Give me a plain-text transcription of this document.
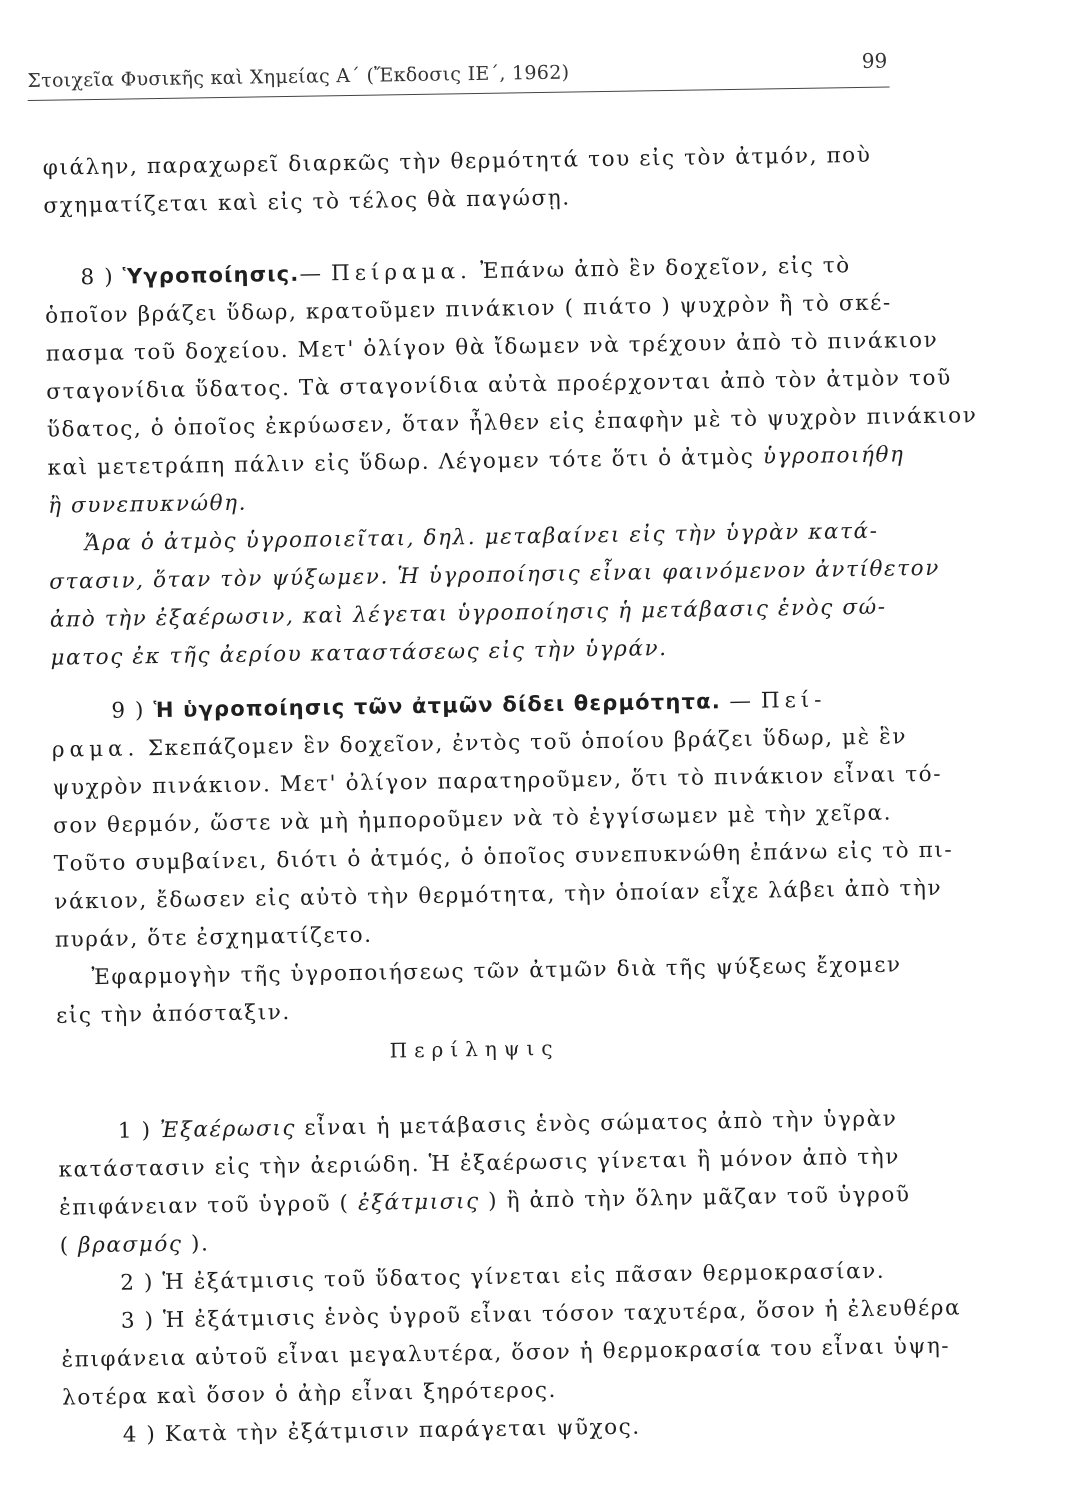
Στοιχεῖα Φυσικῆς καὶ Χημείας Α΄ (Ἔκδοσις ΙΕ΄, 1962)
99
φιάλην, παραχωρεῖ διαρκῶς τὴν θερμότητά του εἰς τὸν ἀτμόν, ποὺ
σχηματίζεται καὶ εἰς τὸ τέλος θὰ παγώσῃ.
8 ) Ὑγροποίησις.— Πείραμα. Ἐπάνω ἀπὸ ἓν δοχεῖον, εἰς τὸ
ὁποῖον βράζει ὕδωρ, κρατοῦμεν πινάκιον ( πιάτο ) ψυχρὸν ἢ τὸ σκέ-
πασμα τοῦ δοχείου. Μετ' ὀλίγον θὰ ἴδωμεν νὰ τρέχουν ἀπὸ τὸ πινάκιον
σταγονίδια ὕδατος. Τὰ σταγονίδια αὐτὰ προέρχονται ἀπὸ τὸν ἀτμὸν τοῦ
ὕδατος, ὁ ὁποῖος ἐκρύωσεν, ὅταν ἦλθεν εἰς ἐπαφὴν μὲ τὸ ψυχρὸν πινάκιον
καὶ μετετράπη πάλιν εἰς ὕδωρ. Λέγομεν τότε ὅτι ὁ ἀτμὸς ὑγροποιήθη
ἢ συνεπυκνώθη.
Ἄρα ὁ ἀτμὸς ὑγροποιεῖται, δηλ. μεταβαίνει εἰς τὴν ὑγρὰν κατά-
στασιν, ὅταν τὸν ψύξωμεν. Ἡ ὑγροποίησις εἶναι φαινόμενον ἀντίθετον
ἀπὸ τὴν ἐξαέρωσιν, καὶ λέγεται ὑγροποίησις ἡ μετάβασις ἑνὸς σώ-
ματος ἐκ τῆς ἀερίου καταστάσεως εἰς τὴν ὑγράν.
9 ) Ἡ ὑγροποίησις τῶν ἀτμῶν δίδει θερμότητα. — Πεί-
ραμα. Σκεπάζομεν ἓν δοχεῖον, ἐντὸς τοῦ ὁποίου βράζει ὕδωρ, μὲ ἓν
ψυχρὸν πινάκιον. Μετ' ὀλίγον παρατηροῦμεν, ὅτι τὸ πινάκιον εἶναι τό-
σον θερμόν, ὥστε νὰ μὴ ἠμποροῦμεν νὰ τὸ ἐγγίσωμεν μὲ τὴν χεῖρα.
Τοῦτο συμβαίνει, διότι ὁ ἀτμός, ὁ ὁποῖος συνεπυκνώθη ἐπάνω εἰς τὸ πι-
νάκιον, ἔδωσεν εἰς αὐτὸ τὴν θερμότητα, τὴν ὁποίαν εἶχε λάβει ἀπὸ τὴν
πυράν, ὅτε ἐσχηματίζετο.
Ἐφαρμογὴν τῆς ὑγροποιήσεως τῶν ἀτμῶν διὰ τῆς ψύξεως ἔχομεν
εἰς τὴν ἀπόσταξιν.
Περίληψις
1 ) Ἐξαέρωσις εἶναι ἡ μετάβασις ἑνὸς σώματος ἀπὸ τὴν ὑγρὰν
κατάστασιν εἰς τὴν ἀεριώδη. Ἡ ἐξαέρωσις γίνεται ἢ μόνον ἀπὸ τὴν
ἐπιφάνειαν τοῦ ὑγροῦ ( ἐξάτμισις ) ἢ ἀπὸ τὴν ὅλην μᾶζαν τοῦ ὑγροῦ
( βρασμός ).
2 ) Ἡ ἐξάτμισις τοῦ ὕδατος γίνεται εἰς πᾶσαν θερμοκρασίαν.
3 ) Ἡ ἐξάτμισις ἑνὸς ὑγροῦ εἶναι τόσον ταχυτέρα, ὅσον ἡ ἐλευθέρα
ἐπιφάνεια αὐτοῦ εἶναι μεγαλυτέρα, ὅσον ἡ θερμοκρασία του εἶναι ὑψη-
λοτέρα καὶ ὅσον ὁ ἀὴρ εἶναι ξηρότερος.
4 ) Κατὰ τὴν ἐξάτμισιν παράγεται ψῦχος.
